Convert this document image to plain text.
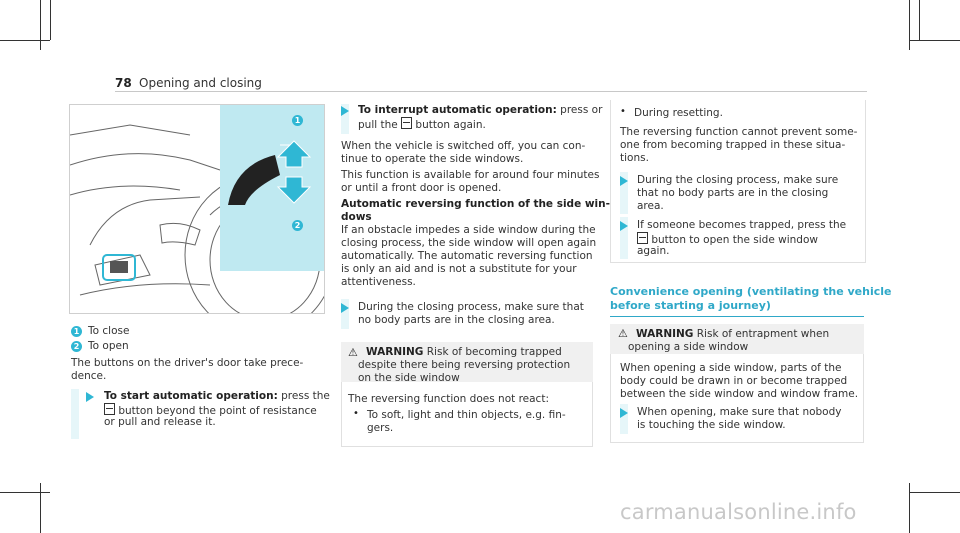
78 Opening and closing
1
2
1 To close
2 To open
The buttons on the driver's door take prece-
dence.
To start automatic operation: press the
button beyond the point of resistance
or pull and release it.
To interrupt automatic operation: press or
pull the  button again.
When the vehicle is switched off, you can con-
tinue to operate the side windows.
This function is available for around four minutes
or until a front door is opened.
Automatic reversing function of the side win-
dows
If an obstacle impedes a side window during the
closing process, the side window will open again
automatically. The automatic reversing function
is only an aid and is not a substitute for your
attentiveness.
During the closing process, make sure that
no body parts are in the closing area.
⚠ WARNING Risk of becoming trapped
despite there being reversing protection
on the side window
The reversing function does not react:
• To soft, light and thin objects, e.g. fin-
gers.
• During resetting.
The reversing function cannot prevent some-
one from becoming trapped in these situa-
tions.
During the closing process, make sure
that no body parts are in the closing
area.
If someone becomes trapped, press the
button to open the side window
again.
Convenience opening (ventilating the vehicle
before starting a journey)
⚠ WARNING Risk of entrapment when
opening a side window
When opening a side window, parts of the
body could be drawn in or become trapped
between the side window and window frame.
When opening, make sure that nobody
is touching the side window.
carmanualsonline.info
